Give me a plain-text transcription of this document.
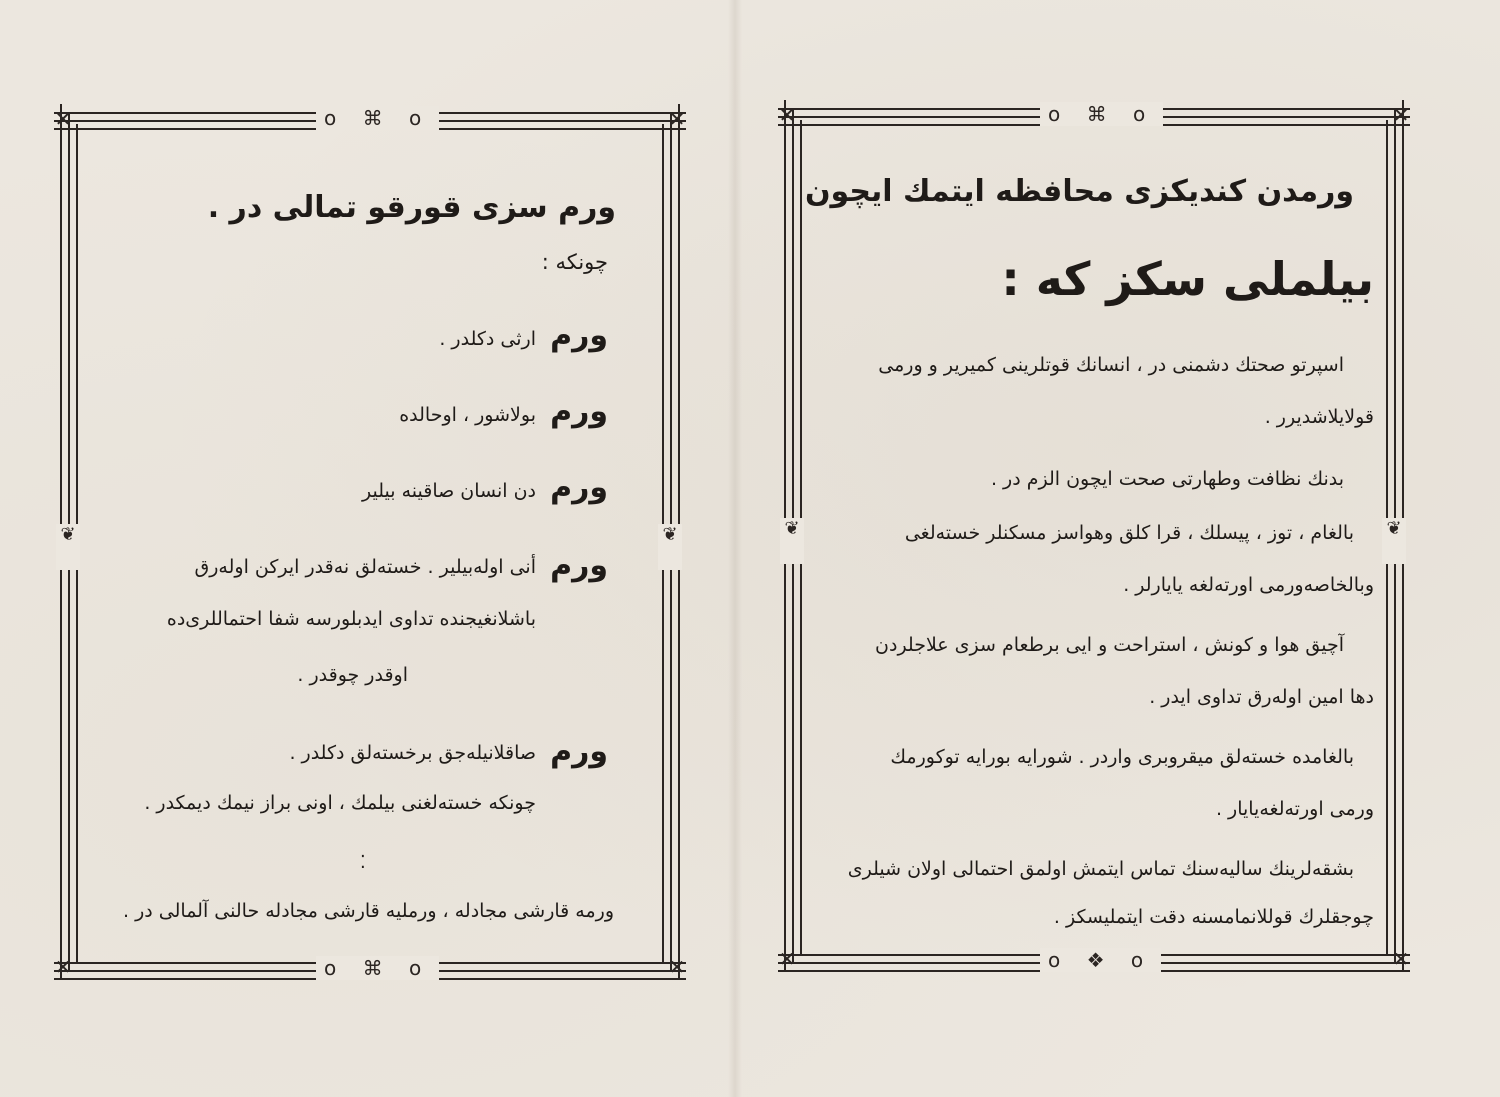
✕	✕
✕	✕
о ⌘ о
о ⌘ о
❦	❦
ورم سزى قورقو تمالى در .
چونكه :
ورم
ارثى دكلدر .
ورم
بولاشور ، اوحالده
ورم
دن انسان صاقينه بيلير
ورم
أنى اوله‌بيلير . خسته‌لق نه‌قدر ايركن اوله‌رق
باشلانغيجنده تداوى ايدبلورسه شفا احتماللرى‌ده
اوقدر چوقدر .
ورم
صاقلانيله‌جق برخسته‌لق دكلدر .
چونكه خسته‌لغنى بيلمك ، اونى براز نيمك ديمكدر .
⁚
ورمه قارشى مجادله ، ورمليه قارشى مجادله حالنى آلمالى در .
✕	✕
✕	✕
о ⌘ о
о ❖ о
❦	❦
ورمدن كنديكزى محافظه ايتمك ايچون
بيلملى سكز كه :
اسپرتو صحتك دشمنى در ، انسانك قوتلرينى كميرير و ورمى
قولايلاشديرر .
بدنك نظافت وطهارتى صحت ايچون الزم در .
بالغام ، توز ، پيسلك ، قرا كلق وهواسز مسكنلر خسته‌لغى
وبالخاصه‌ورمى اورته‌لغه يايارلر .
آچيق هوا و كونش ، استراحت و ايى برطعام سزى علاجلردن
دها امين اوله‌رق تداوى ايدر .
بالغامده خسته‌لق ميقروبرى واردر . شورايه بورايه توكورمك
ورمى اورته‌لغه‌يايار .
بشقه‌لرينك ساليه‌سنك تماس ايتمش اولمق احتمالى اولان شيلرى
چوجقلرك قوللانمامسنه دقت ايتمليسكز .
